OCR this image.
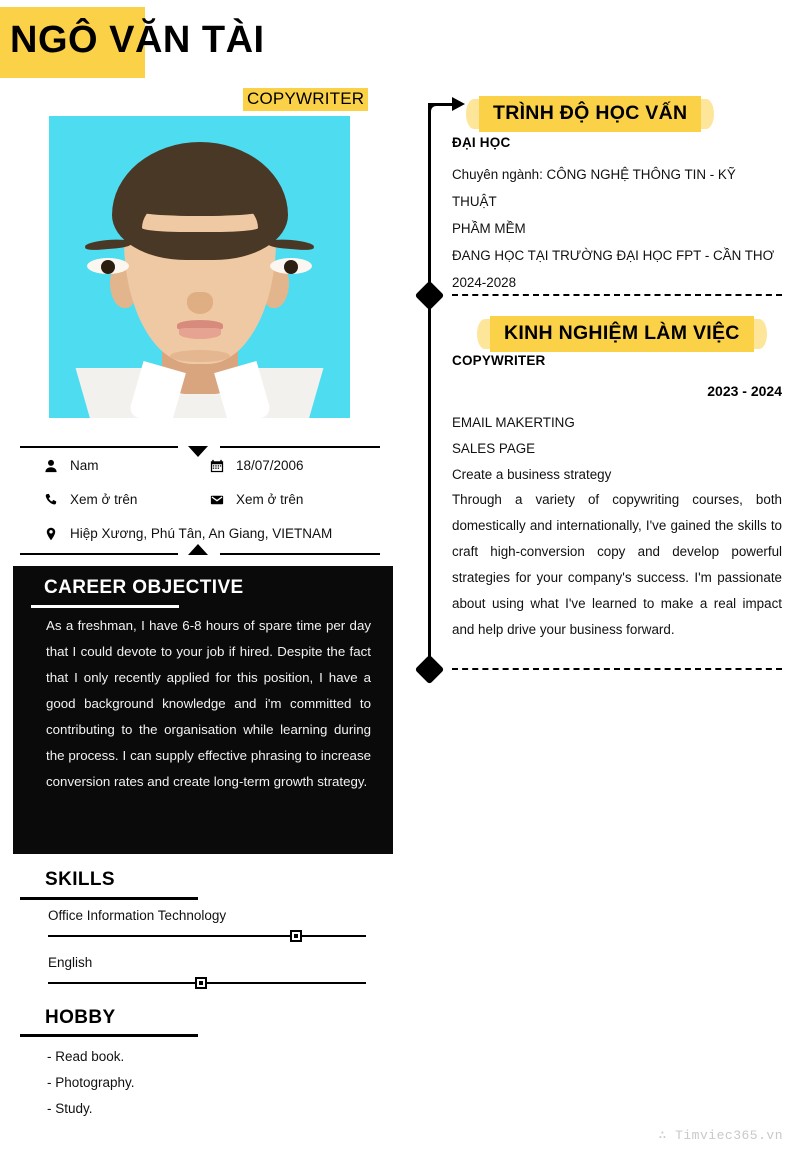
NGÔ VĂN TÀI
COPYWRITER
Nam	18/07/2006
Xem ở trên	Xem ở trên
Hiệp Xương, Phú Tân, An Giang, VIETNAM
CAREER OBJECTIVE
As a freshman, I have 6-8 hours of spare time per day that I could devote to your job if hired. Despite the fact that I only recently applied for this position, I have a good background knowledge and i'm committed to contributing to the organisation while learning during the process. I can supply effective phrasing to increase conversion rates and create long-term growth strategy.
SKILLS
Office Information Technology
English
HOBBY
- Read book.
- Photography.
- Study.
TRÌNH ĐỘ HỌC VẤN
ĐẠI HỌC
Chuyên ngành: CÔNG NGHỆ THÔNG TIN - KỸ THUẬT
PHẦM MỀM
ĐANG HỌC TẠI TRƯỜNG ĐẠI HỌC FPT - CẦN THƠ
2024-2028
KINH NGHIỆM LÀM VIỆC
COPYWRITER
2023 - 2024
EMAIL MAKERTING
SALES PAGE
Create a business strategy
Through a variety of copywriting courses, both domestically and internationally, I've gained the skills to craft high-conversion copy and develop powerful strategies for your company's success. I'm passionate about using what I've learned to make a real impact and help drive your business forward.
∴ Timviec365.vn
